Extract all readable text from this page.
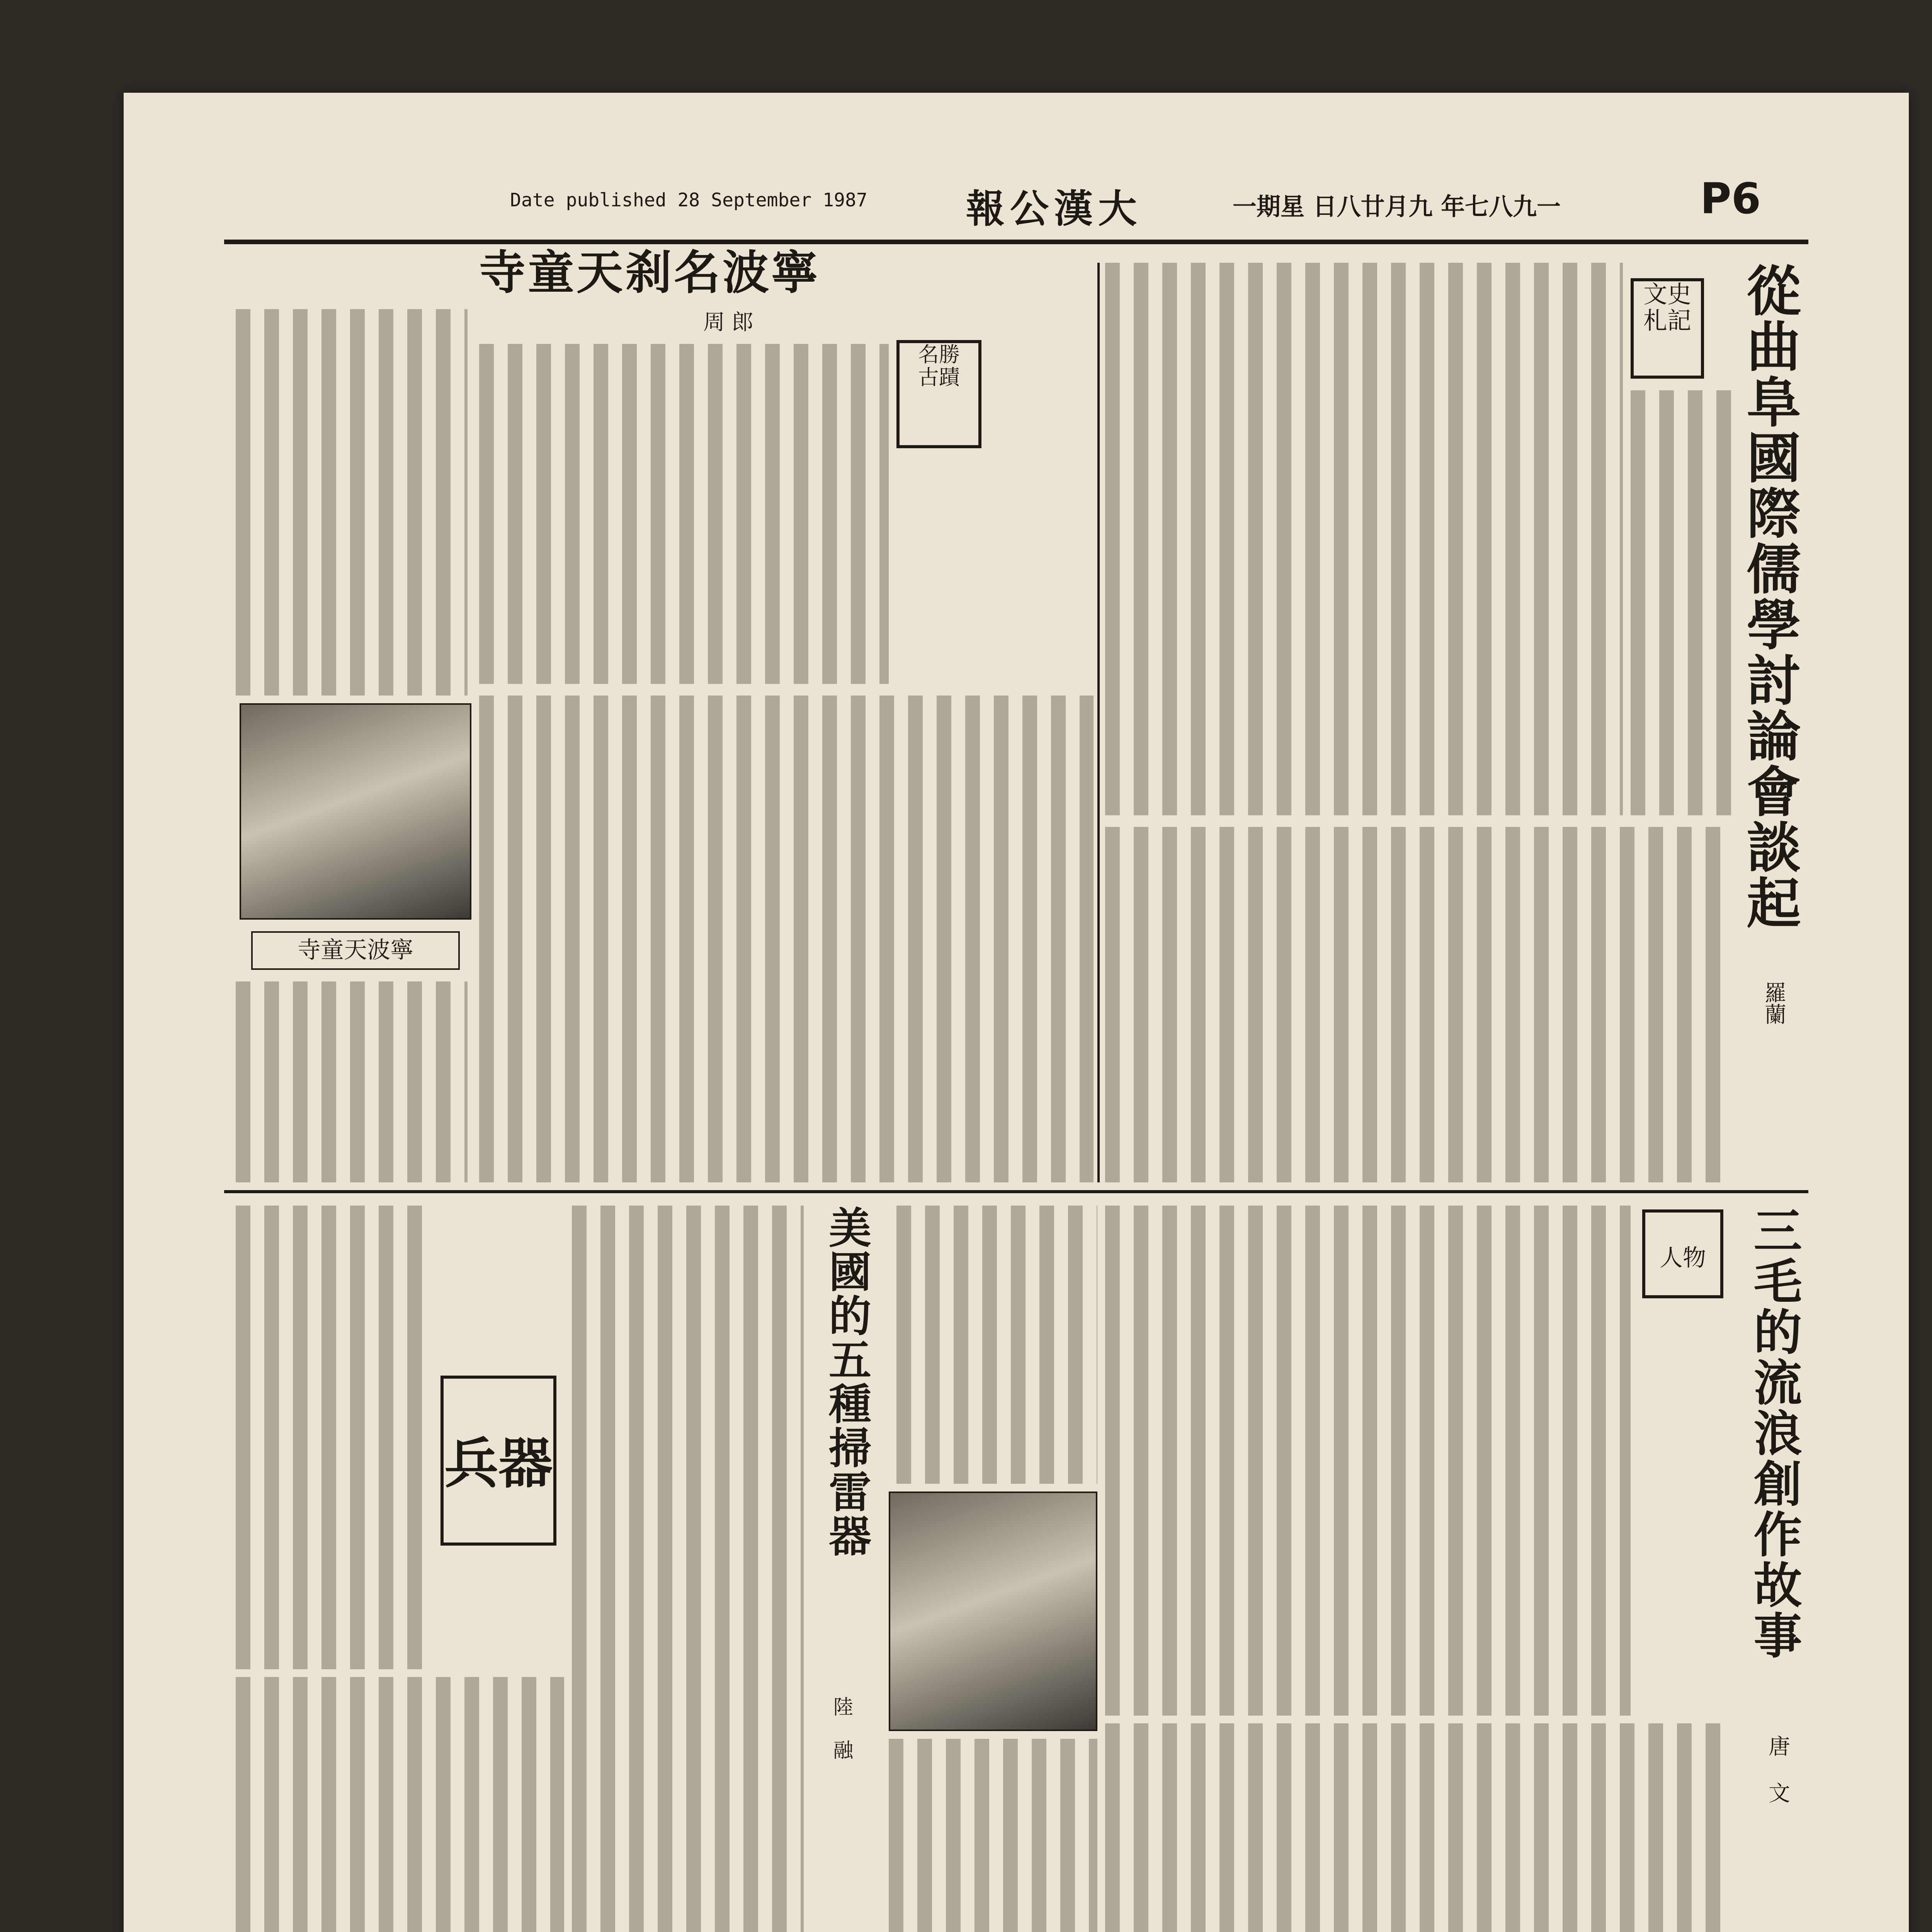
Date published 28 September 1987	報公漢大	一期星 日八廿月九 年七八九一	P6
從曲阜國際儒學討論會談起
羅蘭
文史
札記
寺童天刹名波寧
周 郎
名勝
古蹟
寺童天波寧
三毛的流浪創作故事
唐 文
人物
美國的五種掃雷器
陸 融
兵器
